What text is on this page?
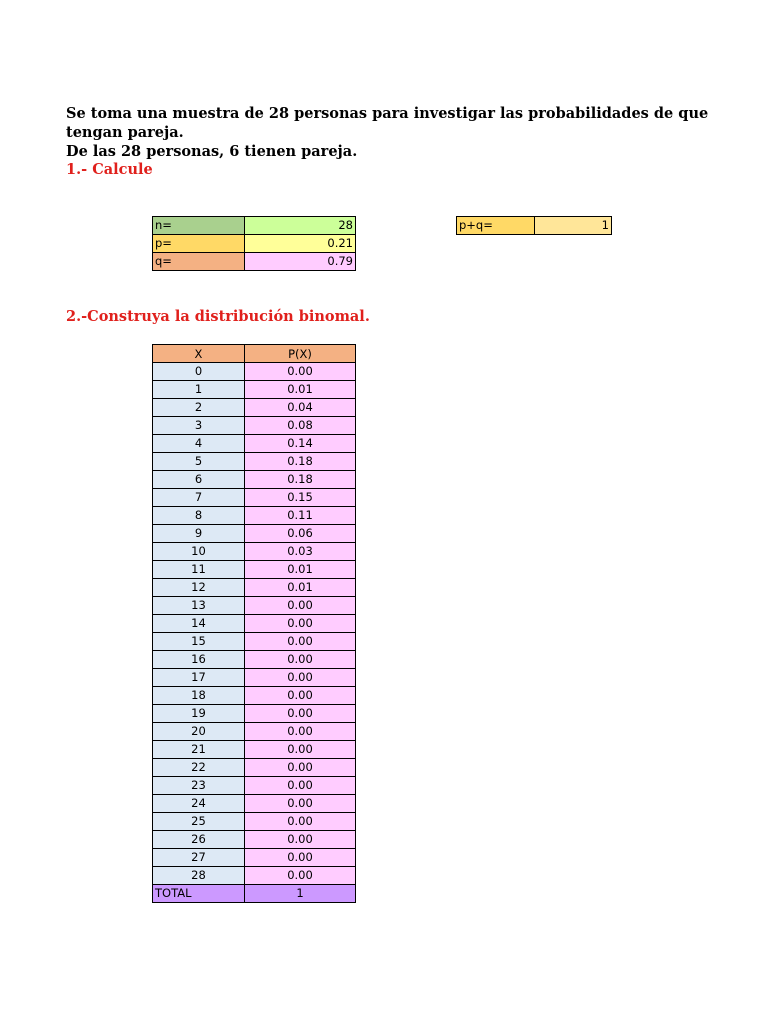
Se toma una muestra de 28 personas para investigar las probabilidades de que tengan pareja.
De las 28 personas, 6 tienen pareja.
1.- Calcule
n=	28
p=	0.21
q=	0.79
p+q=	1
2.-Construya la distribución binomal.
X	P(X)
0	0.00
1	0.01
2	0.04
3	0.08
4	0.14
5	0.18
6	0.18
7	0.15
8	0.11
9	0.06
10	0.03
11	0.01
12	0.01
13	0.00
14	0.00
15	0.00
16	0.00
17	0.00
18	0.00
19	0.00
20	0.00
21	0.00
22	0.00
23	0.00
24	0.00
25	0.00
26	0.00
27	0.00
28	0.00
TOTAL	1
